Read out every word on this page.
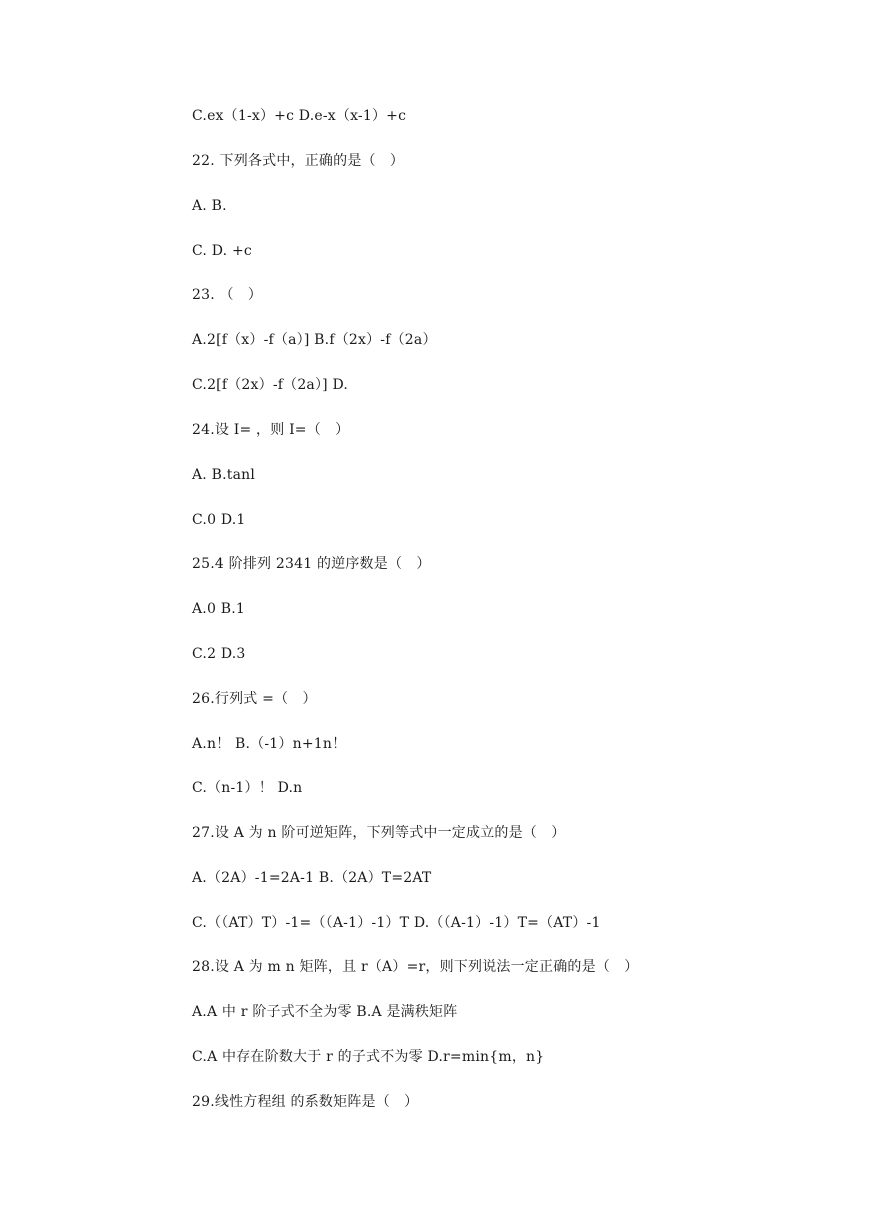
C.ex（1-x）+c D.e-x（x-1）+c

22. 下列各式中，正确的是（　）

A. B.

C. D. +c

23. （　）

A.2[f（x）-f（a）] B.f（2x）-f（2a）

C.2[f（2x）-f（2a）] D.

24.设 I= ，则 I=（　）

A. B.tanl

C.0 D.1

25.4 阶排列 2341 的逆序数是（　）

A.0 B.1

C.2 D.3

26.行列式 =（　）

A.n！ B.（-1）n+1n！

C.（n-1）！ D.n

27.设 A 为 n 阶可逆矩阵，下列等式中一定成立的是（　）

A.（2A）-1=2A-1 B.（2A）T=2AT

C.（（AT）T）-1=（（A-1）-1）T D.（（A-1）-1）T=（AT）-1

28.设 A 为 m n 矩阵，且 r（A）=r，则下列说法一定正确的是（　）

A.A 中 r 阶子式不全为零 B.A 是满秩矩阵

C.A 中存在阶数大于 r 的子式不为零 D.r=min{m，n}

29.线性方程组 的系数矩阵是（　）
